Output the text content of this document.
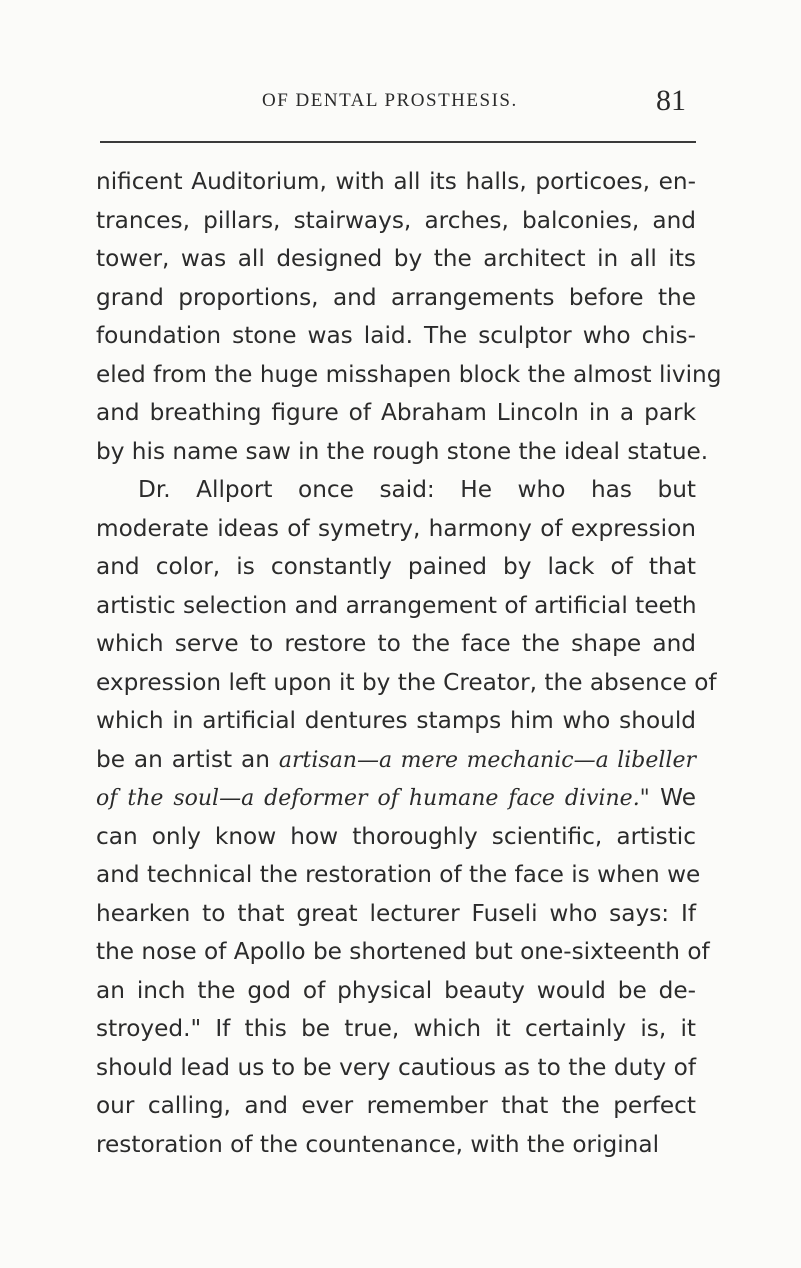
OF DENTAL PROSTHESIS.	81
nificent Auditorium, with all its halls, porticoes, en-
trances, pillars, stairways, arches, balconies, and
tower, was all designed by the architect in all its
grand proportions, and arrangements before the
foundation stone was laid. The sculptor who chis-
eled from the huge misshapen block the almost living
and breathing figure of Abraham Lincoln in a park
by his name saw in the rough stone the ideal statue.
Dr. Allport once said: He who has but
moderate ideas of symetry, harmony of expression
and color, is constantly pained by lack of that
artistic selection and arrangement of artificial teeth
which serve to restore to the face the shape and
expression left upon it by the Creator, the absence of
which in artificial dentures stamps him who should
be an artist an artisan—a mere mechanic—a libeller
of the soul—a deformer of humane face divine." We
can only know how thoroughly scientific, artistic
and technical the restoration of the face is when we
hearken to that great lecturer Fuseli who says: If
the nose of Apollo be shortened but one-sixteenth of
an inch the god of physical beauty would be de-
stroyed." If this be true, which it certainly is, it
should lead us to be very cautious as to the duty of
our calling, and ever remember that the perfect
restoration of the countenance, with the original
